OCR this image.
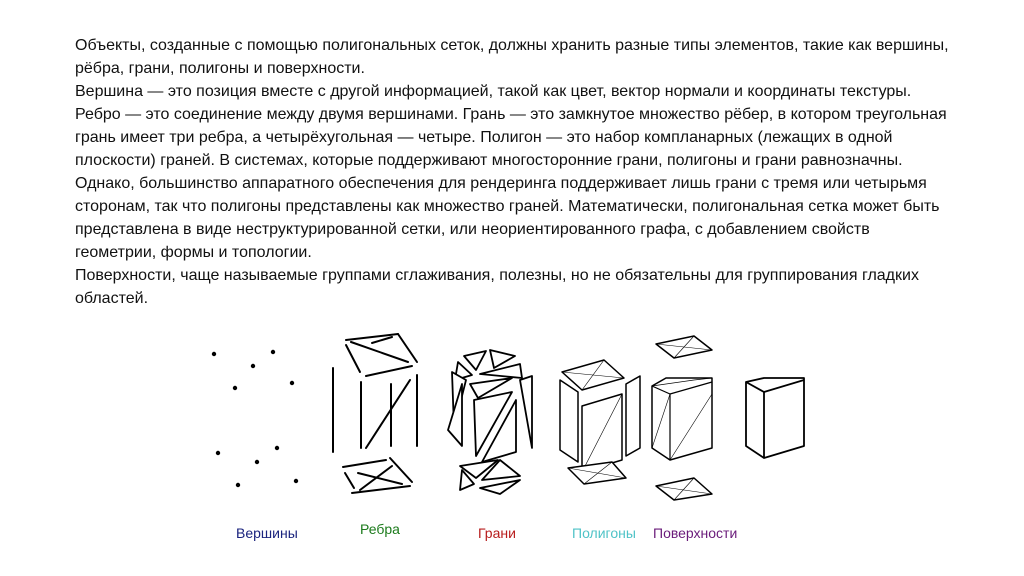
Объекты, созданные с помощью полигональных сеток, должны хранить разные типы элементов, такие как вершины, рёбра, грани, полигоны и поверхности.

Вершина — это позиция вместе с другой информацией, такой как цвет, вектор нормали и координаты текстуры. Ребро — это соединение между двумя вершинами. Грань — это замкнутое множество рёбер, в котором треугольная грань имеет три ребра, а четырёхугольная — четыре. Полигон — это набор компланарных (лежащих в одной плоскости) граней. В системах, которые поддерживают многосторонние грани, полигоны и грани равнозначны. Однако, большинство аппаратного обеспечения для рендеринга поддерживает лишь грани с тремя или четырьмя сторонам, так что полигоны представлены как множество граней. Математически, полигональная сетка может быть представлена в виде неструктурированной сетки, или неориентированного графа, с добавлением свойств геометрии, формы и топологии.

Поверхности, чаще называемые группами сглаживания, полезны, но не обязательны для группирования гладких областей.

Вершины	Ребра	Грани	Полигоны Поверхности
